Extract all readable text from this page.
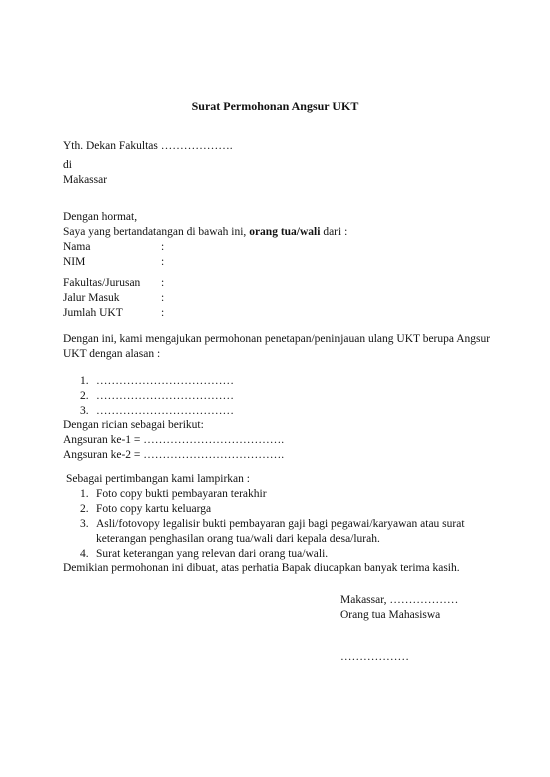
Surat Permohonan Angsur UKT
Yth. Dekan Fakultas ……………….
di
Makassar
Dengan hormat,
Saya yang bertandatangan di bawah ini, orang tua/wali dari :
Nama	:
NIM	:
Fakultas/Jurusan :
Jalur Masuk	:
Jumlah UKT	:
Dengan ini, kami mengajukan permohonan penetapan/peninjauan ulang UKT berupa Angsur
UKT dengan alasan :
1. ………………………………
2. ………………………………
3. ………………………………
Dengan rician sebagai berikut:
Angsuran ke-1 = ……………………………….
Angsuran ke-2 = ……………………………….
Sebagai pertimbangan kami lampirkan :
1. Foto copy bukti pembayaran terakhir
2. Foto copy kartu keluarga
3. Asli/fotovopy legalisir bukti pembayaran gaji bagi pegawai/karyawan atau surat
keterangan penghasilan orang tua/wali dari kepala desa/lurah.
4. Surat keterangan yang relevan dari orang tua/wali.
Demikian permohonan ini dibuat, atas perhatia Bapak diucapkan banyak terima kasih.
Makassar, ………………
Orang tua Mahasiswa
………………
